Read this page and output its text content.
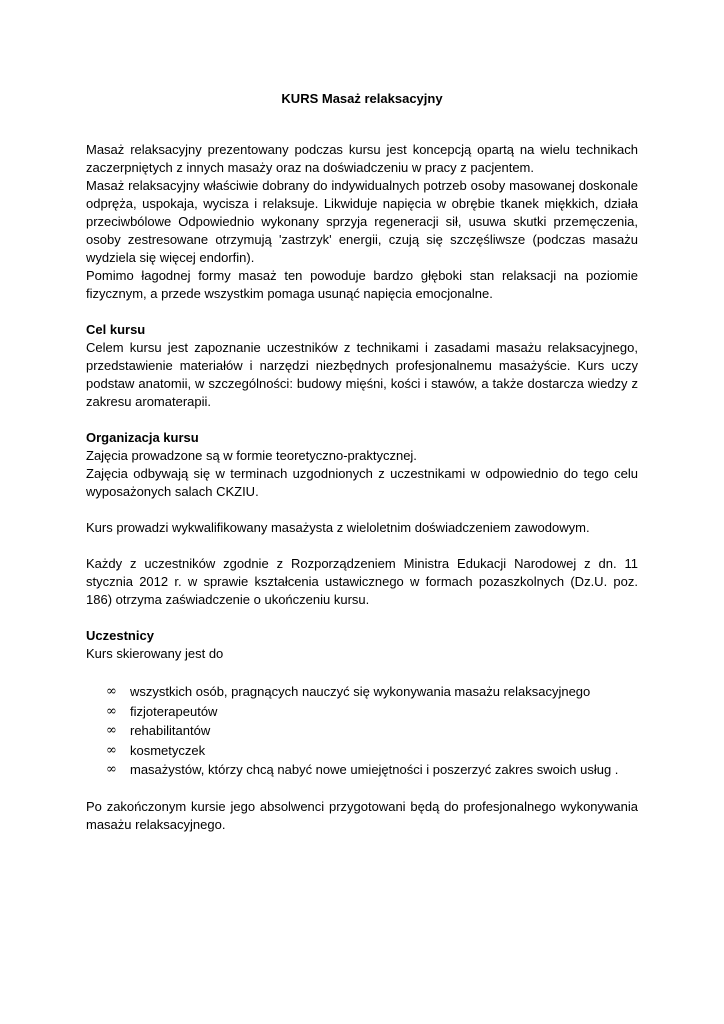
KURS Masaż relaksacyjny

Masaż relaksacyjny prezentowany podczas kursu jest koncepcją opartą na wielu technikach zaczerpniętych z innych masaży oraz na doświadczeniu w pracy z pacjentem.

Masaż relaksacyjny właściwie dobrany do indywidualnych potrzeb osoby masowanej doskonale odpręża, uspokaja, wycisza i relaksuje. Likwiduje napięcia w obrębie tkanek miękkich, działa przeciwbólowe Odpowiednio wykonany sprzyja regeneracji sił, usuwa skutki przemęczenia, osoby zestresowane otrzymują 'zastrzyk' energii, czują się szczęśliwsze (podczas masażu wydziela się więcej endorfin).

Pomimo łagodnej formy masaż ten powoduje bardzo głęboki stan relaksacji na poziomie fizycznym, a przede wszystkim pomaga usunąć napięcia emocjonalne.

Cel kursu

Celem kursu jest zapoznanie uczestników z technikami i zasadami masażu relaksacyjnego, przedstawienie materiałów i narzędzi niezbędnych profesjonalnemu masażyście. Kurs uczy podstaw anatomii, w szczególności: budowy mięśni, kości i stawów, a także dostarcza wiedzy z zakresu aromaterapii.

Organizacja kursu

Zajęcia prowadzone są w formie teoretyczno-praktycznej.

Zajęcia odbywają się w terminach uzgodnionych z uczestnikami w odpowiednio do tego celu wyposażonych salach CKZIU.

Kurs prowadzi wykwalifikowany masażysta z wieloletnim doświadczeniem zawodowym.

Każdy z uczestników zgodnie z Rozporządzeniem Ministra Edukacji Narodowej z dn. 11 stycznia 2012 r. w sprawie kształcenia ustawicznego w formach pozaszkolnych (Dz.U. poz. 186) otrzyma zaświadczenie o ukończeniu kursu.

Uczestnicy

Kurs skierowany jest do

∞ wszystkich osób, pragnących nauczyć się wykonywania masażu relaksacyjnego
∞ fizjoterapeutów
∞ rehabilitantów
∞ kosmetyczek
∞ masażystów, którzy chcą nabyć nowe umiejętności i poszerzyć zakres swoich usług .

Po zakończonym kursie jego absolwenci przygotowani będą do profesjonalnego wykonywania masażu relaksacyjnego.
